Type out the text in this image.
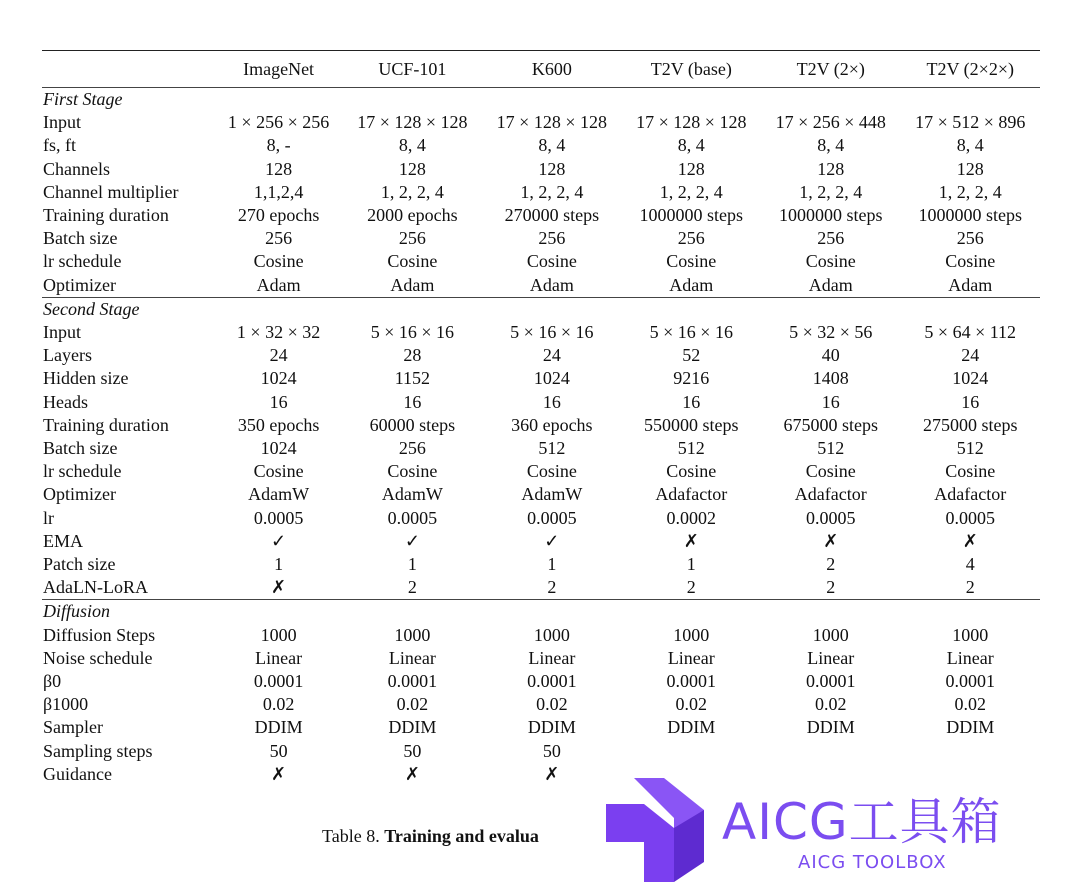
	ImageNet	UCF-101	K600	T2V (base)	T2V (2×)	T2V (2×2×)
First Stage						
Input	1 × 256 × 256	17 × 128 × 128	17 × 128 × 128	17 × 128 × 128	17 × 256 × 448	17 × 512 × 896
fs, ft	8, -	8, 4	8, 4	8, 4	8, 4	8, 4
Channels	128	128	128	128	128	128
Channel multiplier	1,1,2,4	1, 2, 2, 4	1, 2, 2, 4	1, 2, 2, 4	1, 2, 2, 4	1, 2, 2, 4
Training duration	270 epochs	2000 epochs	270000 steps	1000000 steps	1000000 steps	1000000 steps
Batch size	256	256	256	256	256	256
lr schedule	Cosine	Cosine	Cosine	Cosine	Cosine	Cosine
Optimizer	Adam	Adam	Adam	Adam	Adam	Adam
Second Stage						
Input	1 × 32 × 32	5 × 16 × 16	5 × 16 × 16	5 × 16 × 16	5 × 32 × 56	5 × 64 × 112
Layers	24	28	24	52	40	24
Hidden size	1024	1152	1024	9216	1408	1024
Heads	16	16	16	16	16	16
Training duration	350 epochs	60000 steps	360 epochs	550000 steps	675000 steps	275000 steps
Batch size	1024	256	512	512	512	512
lr schedule	Cosine	Cosine	Cosine	Cosine	Cosine	Cosine
Optimizer	AdamW	AdamW	AdamW	Adafactor	Adafactor	Adafactor
lr	0.0005	0.0005	0.0005	0.0002	0.0005	0.0005
EMA	✓	✓	✓	✗	✗	✗
Patch size	1	1	1	1	2	4
AdaLN-LoRA	✗	2	2	2	2	2
Diffusion						
Diffusion Steps	1000	1000	1000	1000	1000	1000
Noise schedule	Linear	Linear	Linear	Linear	Linear	Linear
β0	0.0001	0.0001	0.0001	0.0001	0.0001	0.0001
β1000	0.02	0.02	0.02	0.02	0.02	0.02
Sampler	DDIM	DDIM	DDIM	DDIM	DDIM	DDIM
Sampling steps	50	50	50			
Guidance	✗	✗	✗			
Table 8. Training and evalua	AICG工具箱
AICG TOOLBOX
